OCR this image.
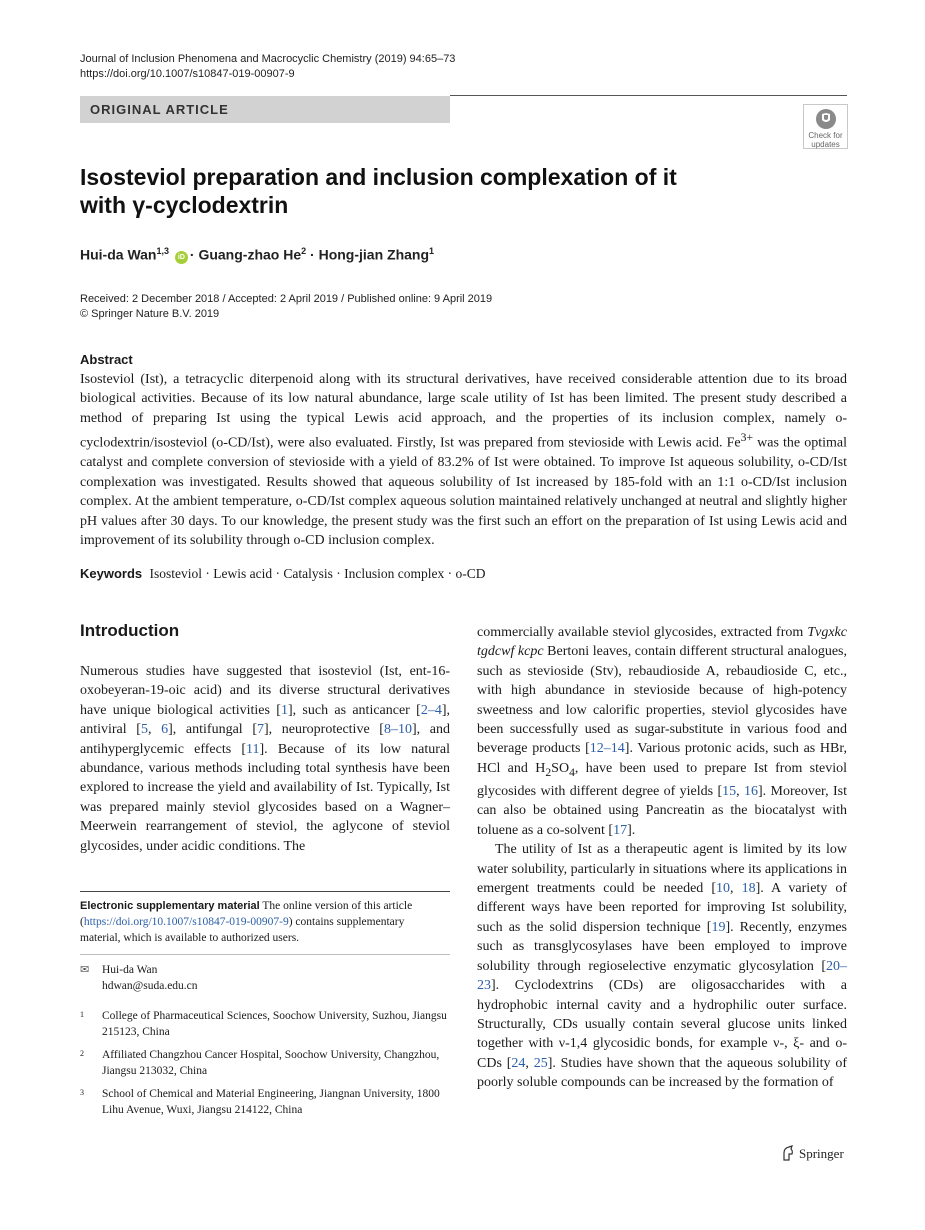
Journal of Inclusion Phenomena and Macrocyclic Chemistry (2019) 94:65–73
https://doi.org/10.1007/s10847-019-00907-9
ORIGINAL ARTICLE
Check for
updates
Isosteviol preparation and inclusion complexation of it
with γ-cyclodextrin
Hui-da Wan$^{1,3}$ iD · Guang-zhao $He^2$ · Hong-jian Zhang$^1$
Received: 2 December 2018 / Accepted: 2 April 2019 / Published online: 9 April 2019
© Springer Nature B.V. 2019
Abstract
Isosteviol (Ist), a tetracyclic diterpenoid along with its structural derivatives, have received considerable attention due to its broad biological activities. Because of its low natural abundance, large scale utility of Ist has been limited. The present study described a method of preparing Ist using the typical Lewis acid approach, and the properties of its inclusion complex, namely o-cyclodextrin/isosteviol (o-CD/Ist), were also evaluated. Firstly, Ist was prepared from stevioside with Lewis acid. $Fe^{3+}$ was the optimal catalyst and complete conversion of stevioside with a yield of 83.2% of Ist were obtained. To improve Ist aqueous solubility, o-CD/Ist complexation was investigated. Results showed that aqueous solubility of Ist increased by 185-fold with an 1:1 o-CD/Ist inclusion complex. At the ambient temperature, o-CD/Ist complex aqueous solution maintained relatively unchanged at neutral and slightly higher pH values after 30 days. To our knowledge, the present study was the first such an effort on the preparation of Ist using Lewis acid and improvement of its solubility through o-CD inclusion complex.
Keywords Isosteviol · Lewis acid · Catalysis · Inclusion complex · o-CD
Introduction

Numerous studies have suggested that isosteviol (Ist, ent-16-oxobeyeran-19-oic acid) and its diverse structural derivatives have unique biological activities [1], such as anticancer [2–4], antiviral [5, 6], antifungal [7], neuroprotective [8–10], and antihyperglycemic effects [11]. Because of its low natural abundance, various methods including total synthesis have been explored to increase the yield and availability of Ist. Typically, Ist was prepared mainly steviol glycosides based on a Wagner–Meerwein rearrangement of steviol, the aglycone of steviol glycosides, under acidic conditions. The

commercially available steviol glycosides, extracted from Tvgxkc tgdcwf kcpc Bertoni leaves, contain different structural analogues, such as stevioside (Stv), rebaudioside A, rebaudioside C, etc., with high abundance in stevioside because of high-potency sweetness and low calorific properties, steviol glycosides have been successfully used as sugar-substitute in various food and beverage products [12–14]. Various protonic acids, such as HBr, HCl and $H_2SO_4$, have been used to prepare Ist from steviol glycosides with different degree of yields [15, 16]. Moreover, Ist can also be obtained using Pancreatin as the biocatalyst with toluene as a co-solvent [17].

The utility of Ist as a therapeutic agent is limited by its low water solubility, particularly in situations where its applications in emergent treatments could be needed [10, 18]. A variety of different ways have been reported for improving Ist solubility, such as the solid dispersion technique [19]. Recently, enzymes such as transglycosylases have been employed to improve solubility through regioselective enzymatic glycosylation [20–23]. Cyclodextrins (CDs) are oligosaccharides with a hydrophobic internal cavity and a hydrophilic outer surface. Structurally, CDs usually contain several glucose units linked together with ν-1,4 glycosidic bonds, for example ν-, ξ- and o-CDs [24, 25]. Studies have shown that the aqueous solubility of poorly soluble compounds can be increased by the formation of

Electronic supplementary material The online version of this article (https://doi.org/10.1007/s10847-019-00907-9) contains supplementary material, which is available to authorized users.
✉ Hui-da Wan
hdwan@suda.edu.cn
1 College of Pharmaceutical Sciences, Soochow University, Suzhou, Jiangsu 215123, China
2 Affiliated Changzhou Cancer Hospital, Soochow University, Changzhou, Jiangsu 213032, China
3 School of Chemical and Material Engineering, Jiangnan University, 1800 Lihu Avenue, Wuxi, Jiangsu 214122, China
Springer
